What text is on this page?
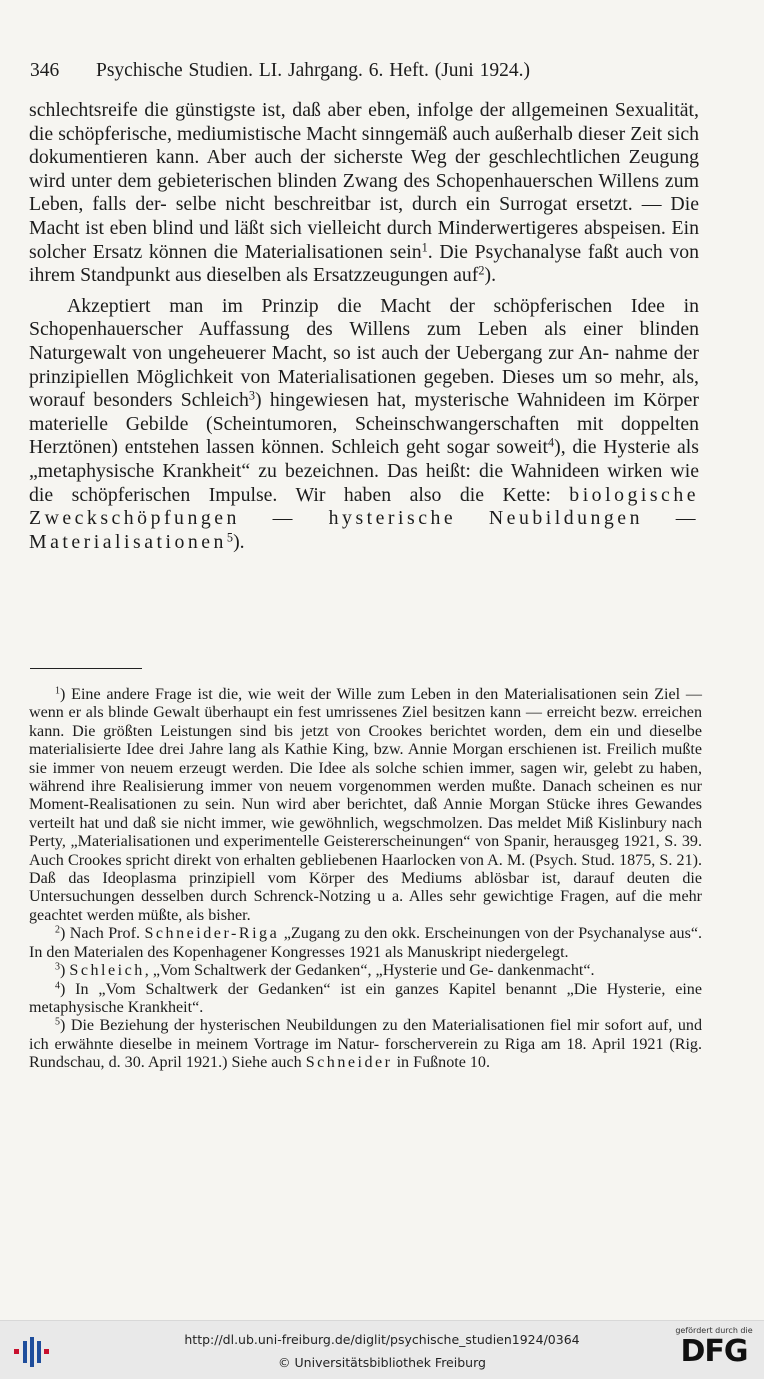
346 Psychische Studien. LI. Jahrgang. 6. Heft. (Juni 1924.)

schlechtsreife die günstigste ist, daß aber eben, infolge der allgemeinen Sexualität, die schöpferische, mediumistische Macht sinngemäß auch außerhalb dieser Zeit sich dokumentieren kann. Aber auch der sicherste Weg der geschlechtlichen Zeugung wird unter dem gebieterischen blinden Zwang des Schopenhauerschen Willens zum Leben, falls der- selbe nicht beschreitbar ist, durch ein Surrogat ersetzt. — Die Macht ist eben blind und läßt sich vielleicht durch Minderwertigeres abspeisen. Ein solcher Ersatz können die Materialisationen sein$^1$. Die Psychanalyse faßt auch von ihrem Standpunkt aus dieselben als Ersatzzeugungen auf$^2$).

Akzeptiert man im Prinzip die Macht der schöpferischen Idee in Schopenhauerscher Auffassung des Willens zum Leben als einer blinden Naturgewalt von ungeheuerer Macht, so ist auch der Uebergang zur An- nahme der prinzipiellen Möglichkeit von Materialisationen gegeben. Dieses um so mehr, als, worauf besonders Schleich$^3$) hingewiesen hat, mysterische Wahnideen im Körper materielle Gebilde (Scheintumoren, Scheinschwangerschaften mit doppelten Herztönen) entstehen lassen können. Schleich geht sogar soweit$^4$), die Hysterie als „metaphysische Krankheit“ zu bezeichnen. Das heißt: die Wahnideen wirken wie die schöpferischen Impulse. Wir haben also die Kette: biologische Zweckschöpfungen — hysterische Neubildungen — Materialisationen$^5$).

$^1$) Eine andere Frage ist die, wie weit der Wille zum Leben in den Materialisationen sein Ziel — wenn er als blinde Gewalt überhaupt ein fest umrissenes Ziel besitzen kann — erreicht bezw. erreichen kann. Die größten Leistungen sind bis jetzt von Crookes berichtet worden, dem ein und dieselbe materialisierte Idee drei Jahre lang als Kathie King, bzw. Annie Morgan erschienen ist. Freilich mußte sie immer von neuem erzeugt werden. Die Idee als solche schien immer, sagen wir, gelebt zu haben, während ihre Realisierung immer von neuem vorgenommen werden mußte. Danach scheinen es nur Moment-Realisationen zu sein. Nun wird aber berichtet, daß Annie Morgan Stücke ihres Gewandes verteilt hat und daß sie nicht immer, wie gewöhnlich, wegschmolzen. Das meldet Miß Kislinbury nach Perty, „Materialisationen und experimentelle Geistererscheinungen“ von Spanir, herausgeg 1921, S. 39. Auch Crookes spricht direkt von erhalten gebliebenen Haarlocken von A. M. (Psych. Stud. 1875, S. 21). Daß das Ideoplasma prinzipiell vom Körper des Mediums ablösbar ist, darauf deuten die Untersuchungen desselben durch Schrenck-Notzing u a. Alles sehr gewichtige Fragen, auf die mehr geachtet werden müßte, als bisher.

$^2$) Nach Prof. Schneider-Riga „Zugang zu den okk. Erscheinungen von der Psychanalyse aus“. In den Materialen des Kopenhagener Kongresses 1921 als Manuskript niedergelegt.

$^3$) Schleich, „Vom Schaltwerk der Gedanken“, „Hysterie und Ge- dankenmacht“.

$^4$) In „Vom Schaltwerk der Gedanken“ ist ein ganzes Kapitel benannt „Die Hysterie, eine metaphysische Krankheit“.

$^5$) Die Beziehung der hysterischen Neubildungen zu den Materialisationen fiel mir sofort auf, und ich erwähnte dieselbe in meinem Vortrage im Natur- forscherverein zu Riga am 18. April 1921 (Rig. Rundschau, d. 30. April 1921.) Siehe auch Schneider in Fußnote 10.

http://dl.ub.uni-freiburg.de/diglit/psychische_studien1924/0364
© Universitätsbibliothek Freiburg
gefördert durch die
DFG
